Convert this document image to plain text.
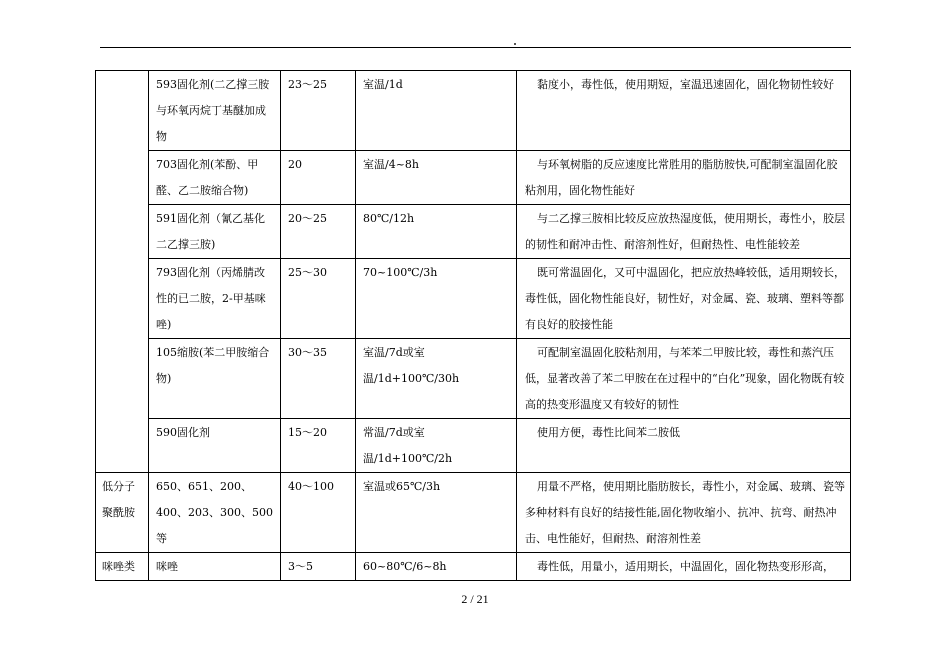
	593固化剂(二乙撑三胺与环氧丙烷丁基醚加成物	23～25	室温/1d	黏度小，毒性低，使用期短，室温迅速固化，固化物韧性较好
	703固化剂(苯酚、甲醛、乙二胺缩合物)	20	室温/4~8h	与环氧树脂的反应速度比常胜用的脂肪胺快,可配制室温固化胶粘剂用，固化物性能好
	591固化剂（氰乙基化二乙撑三胺)	20～25	80℃/12h	与二乙撑三胺相比较反应放热湿度低，使用期长，毒性小，胶层的韧性和耐冲击性、耐溶剂性好，但耐热性、电性能较差
	793固化剂（丙烯腈改性的已二胺，2-甲基咪唑)	25～30	70~100℃/3h	既可常温固化，又可中温固化，把应放热峰较低，适用期较长，毒性低，固化物性能良好，韧性好，对金属、瓷、玻璃、塑料等都有良好的胶接性能
	105缩胺(苯二甲胺缩合物)	30～35	室温/7d或室温/1d+100℃/30h	可配制室温固化胶粘剂用，与苯苯二甲胺比较，毒性和蒸汽压低，显著改善了苯二甲胺在在过程中的“白化”现象，固化物既有较高的热变形温度又有较好的韧性
	590固化剂	15～20	常温/7d或室温/1d+100℃/2h	使用方便，毒性比间苯二胺低
低分子聚酰胺	650、651、200、400、203、300、500等	40～100	室温或65℃/3h	用量不严格，使用期比脂肪胺长，毒性小，对金属、玻璃、瓷等多种材料有良好的结接性能,固化物收缩小、抗冲、抗弯、耐热冲击、电性能好，但耐热、耐溶剂性差
咪唑类	咪唑	3～5	60~80℃/6~8h	毒性低，用量小，适用期长，中温固化，固化物热变形形高，
2 / 21
